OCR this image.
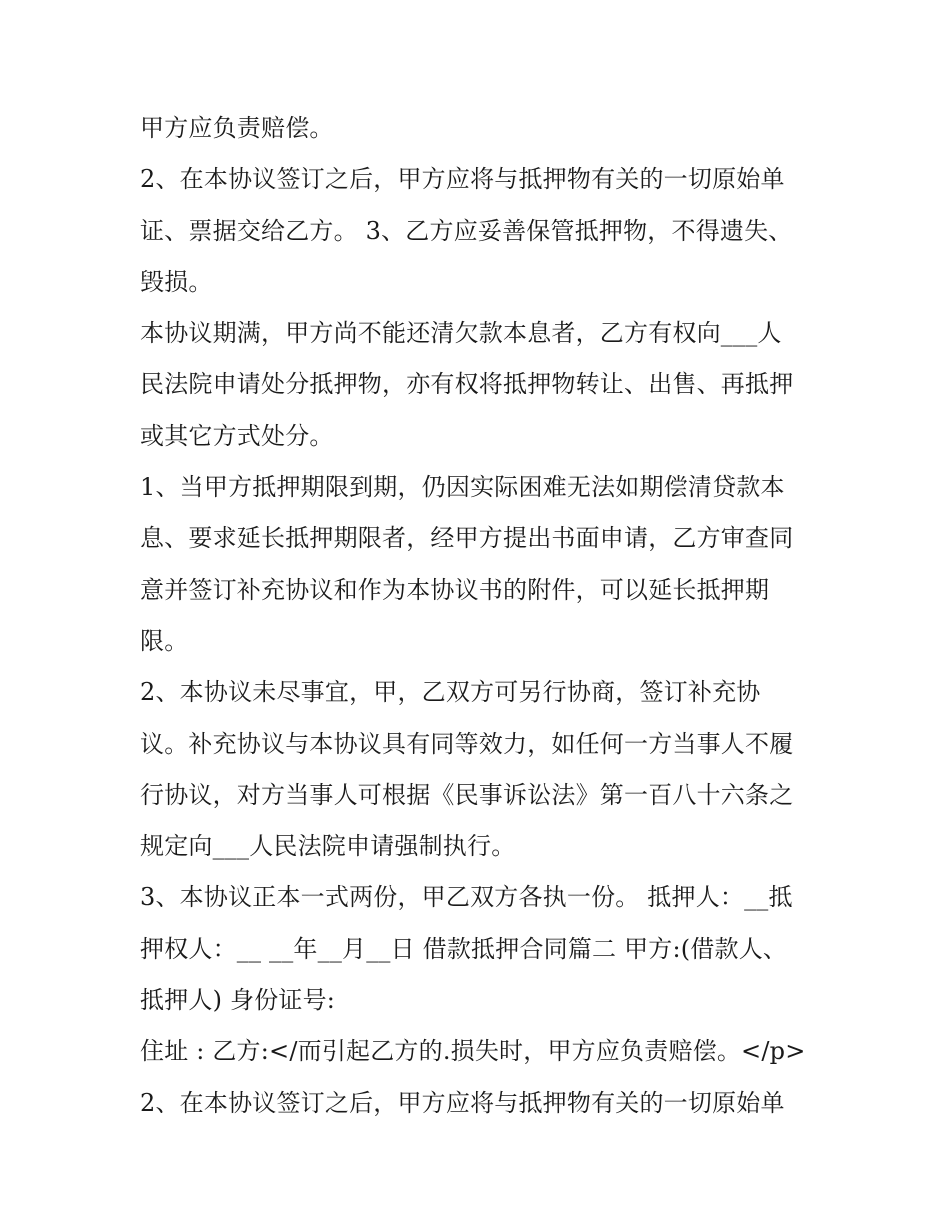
甲方应负责赔偿。
2、在本协议签订之后，甲方应将与抵押物有关的一切原始单
证、票据交给乙方。 3、乙方应妥善保管抵押物，不得遗失、
毁损。
本协议期满，甲方尚不能还清欠款本息者，乙方有权向___人
民法院申请处分抵押物，亦有权将抵押物转让、出售、再抵押
或其它方式处分。
1、当甲方抵押期限到期，仍因实际困难无法如期偿清贷款本
息、要求延长抵押期限者，经甲方提出书面申请，乙方审查同
意并签订补充协议和作为本协议书的附件，可以延长抵押期
限。
2、本协议未尽事宜，甲，乙双方可另行协商，签订补充协
议。补充协议与本协议具有同等效力，如任何一方当事人不履
行协议，对方当事人可根据《民事诉讼法》第一百八十六条之
规定向___人民法院申请强制执行。
3、本协议正本一式两份，甲乙双方各执一份。 抵押人：__抵
押权人：__ __年__月__日 借款抵押合同篇二 甲方:(借款人、
抵押人) 身份证号:
住址 : 乙方:</而引起乙方的.损失时，甲方应负责赔偿。</p>
2、在本协议签订之后，甲方应将与抵押物有关的一切原始单
